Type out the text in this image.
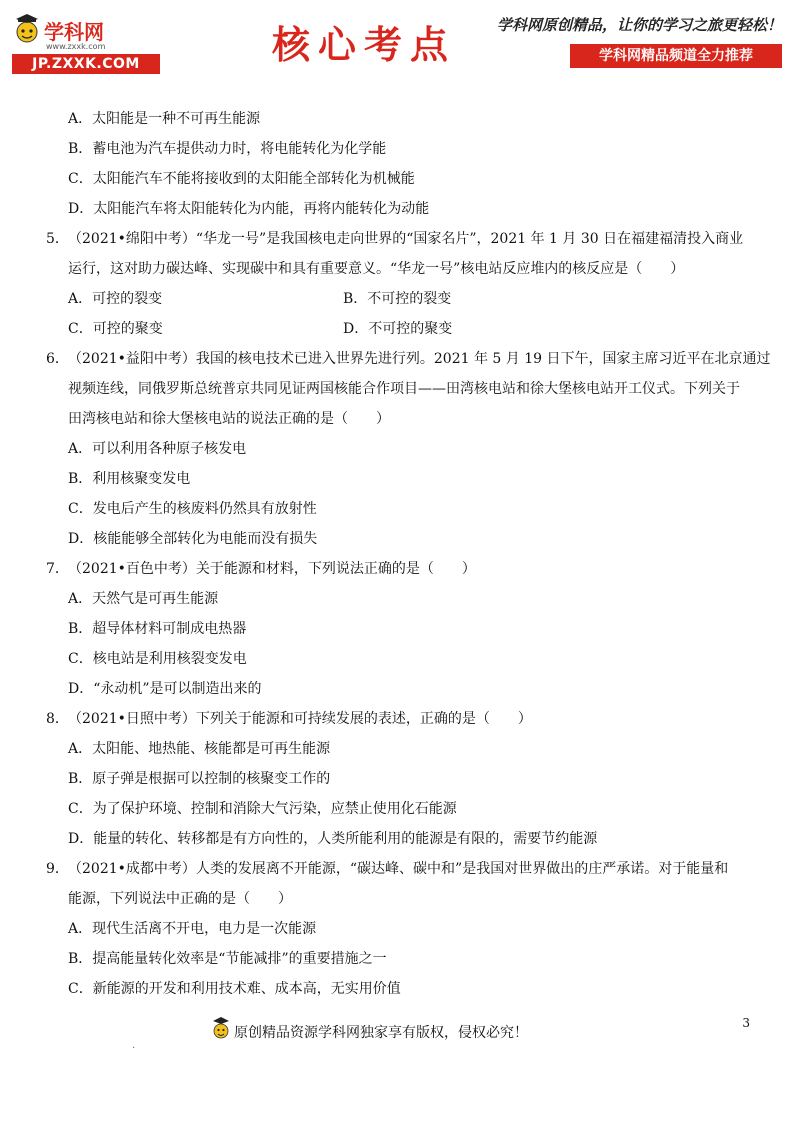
学科网
www.zxxk.com
JP.ZXXK.COM	核心考点	学科网原创精品，让你的学习之旅更轻松！
学科网精品频道全力推荐
A．太阳能是一种不可再生能源
B．蓄电池为汽车提供动力时，将电能转化为化学能
C．太阳能汽车不能将接收到的太阳能全部转化为机械能
D．太阳能汽车将太阳能转化为内能，再将内能转化为动能
5． （2021•绵阳中考）“华龙一号”是我国核电走向世界的“国家名片”，2021 年 1 月 30 日在福建福清投入商业
运行，这对助力碳达峰、实现碳中和具有重要意义。“华龙一号”核电站反应堆内的核反应是（　　）
A．可控的裂变	B．不可控的裂变
C．可控的聚变	D．不可控的聚变
6． （2021•益阳中考）我国的核电技术已进入世界先进行列。2021 年 5 月 19 日下午，国家主席习近平在北京通过
视频连线，同俄罗斯总统普京共同见证两国核能合作项目——田湾核电站和徐大堡核电站开工仪式。下列关于
田湾核电站和徐大堡核电站的说法正确的是（　　）
A．可以利用各种原子核发电
B．利用核聚变发电
C．发电后产生的核废料仍然具有放射性
D．核能能够全部转化为电能而没有损失
7． （2021•百色中考）关于能源和材料，下列说法正确的是（　　）
A．天然气是可再生能源
B．超导体材料可制成电热器
C．核电站是利用核裂变发电
D．“永动机”是可以制造出来的
8． （2021•日照中考）下列关于能源和可持续发展的表述，正确的是（　　）
A．太阳能、地热能、核能都是可再生能源
B．原子弹是根据可以控制的核聚变工作的
C．为了保护环境、控制和消除大气污染，应禁止使用化石能源
D．能量的转化、转移都是有方向性的，人类所能利用的能源是有限的，需要节约能源
9． （2021•成都中考）人类的发展离不开能源，“碳达峰、碳中和”是我国对世界做出的庄严承诺。对于能量和
能源，下列说法中正确的是（　　）
A．现代生活离不开电，电力是一次能源
B．提高能量转化效率是“节能减排”的重要措施之一
C．新能源的开发和利用技术难、成本高，无实用价值
3
.
原创精品资源学科网独家享有版权，侵权必究！
